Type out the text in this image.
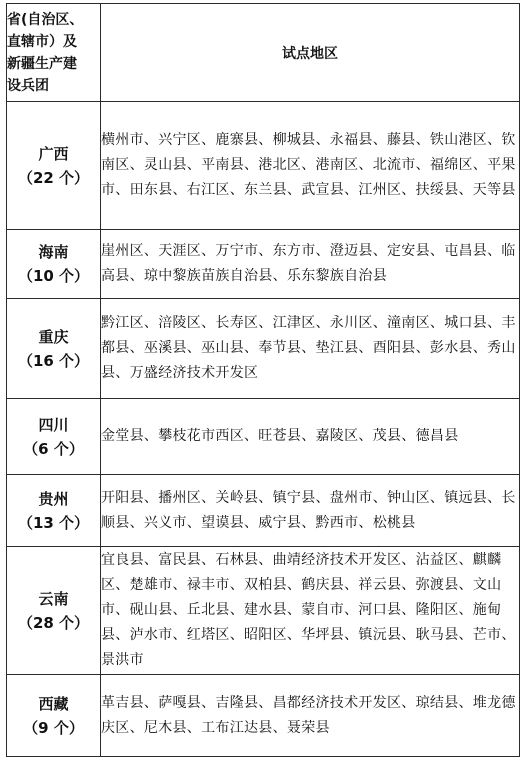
省(自治区、
直辖市）及
新疆生产建
设兵团	试点地区

广西
（22 个）	横州市、兴宁区、鹿寨县、柳城县、永福县、藤县、铁山港区、钦南区、灵山县、平南县、港北区、港南区、北流市、福绵区、平果市、田东县、右江区、东兰县、武宣县、江州区、扶绥县、天等县

海南
（10 个）	崖州区、天涯区、万宁市、东方市、澄迈县、定安县、屯昌县、临高县、琼中黎族苗族自治县、乐东黎族自治县

重庆
（16 个）	黔江区、涪陵区、长寿区、江津区、永川区、潼南区、城口县、丰都县、巫溪县、巫山县、奉节县、垫江县、酉阳县、彭水县、秀山县、万盛经济技术开发区

四川
（6 个）	金堂县、攀枝花市西区、旺苍县、嘉陵区、茂县、德昌县

贵州
（13 个）	开阳县、播州区、关岭县、镇宁县、盘州市、钟山区、镇远县、长顺县、兴义市、望谟县、威宁县、黔西市、松桃县

云南
（28 个）	宜良县、富民县、石林县、曲靖经济技术开发区、沾益区、麒麟区、楚雄市、禄丰市、双柏县、鹤庆县、祥云县、弥渡县、文山市、砚山县、丘北县、建水县、蒙自市、河口县、隆阳区、施甸县、泸水市、红塔区、昭阳区、华坪县、镇沅县、耿马县、芒市、景洪市

西藏
（9 个）	革吉县、萨嘎县、吉隆县、昌都经济技术开发区、琼结县、堆龙德庆区、尼木县、工布江达县、聂荣县
